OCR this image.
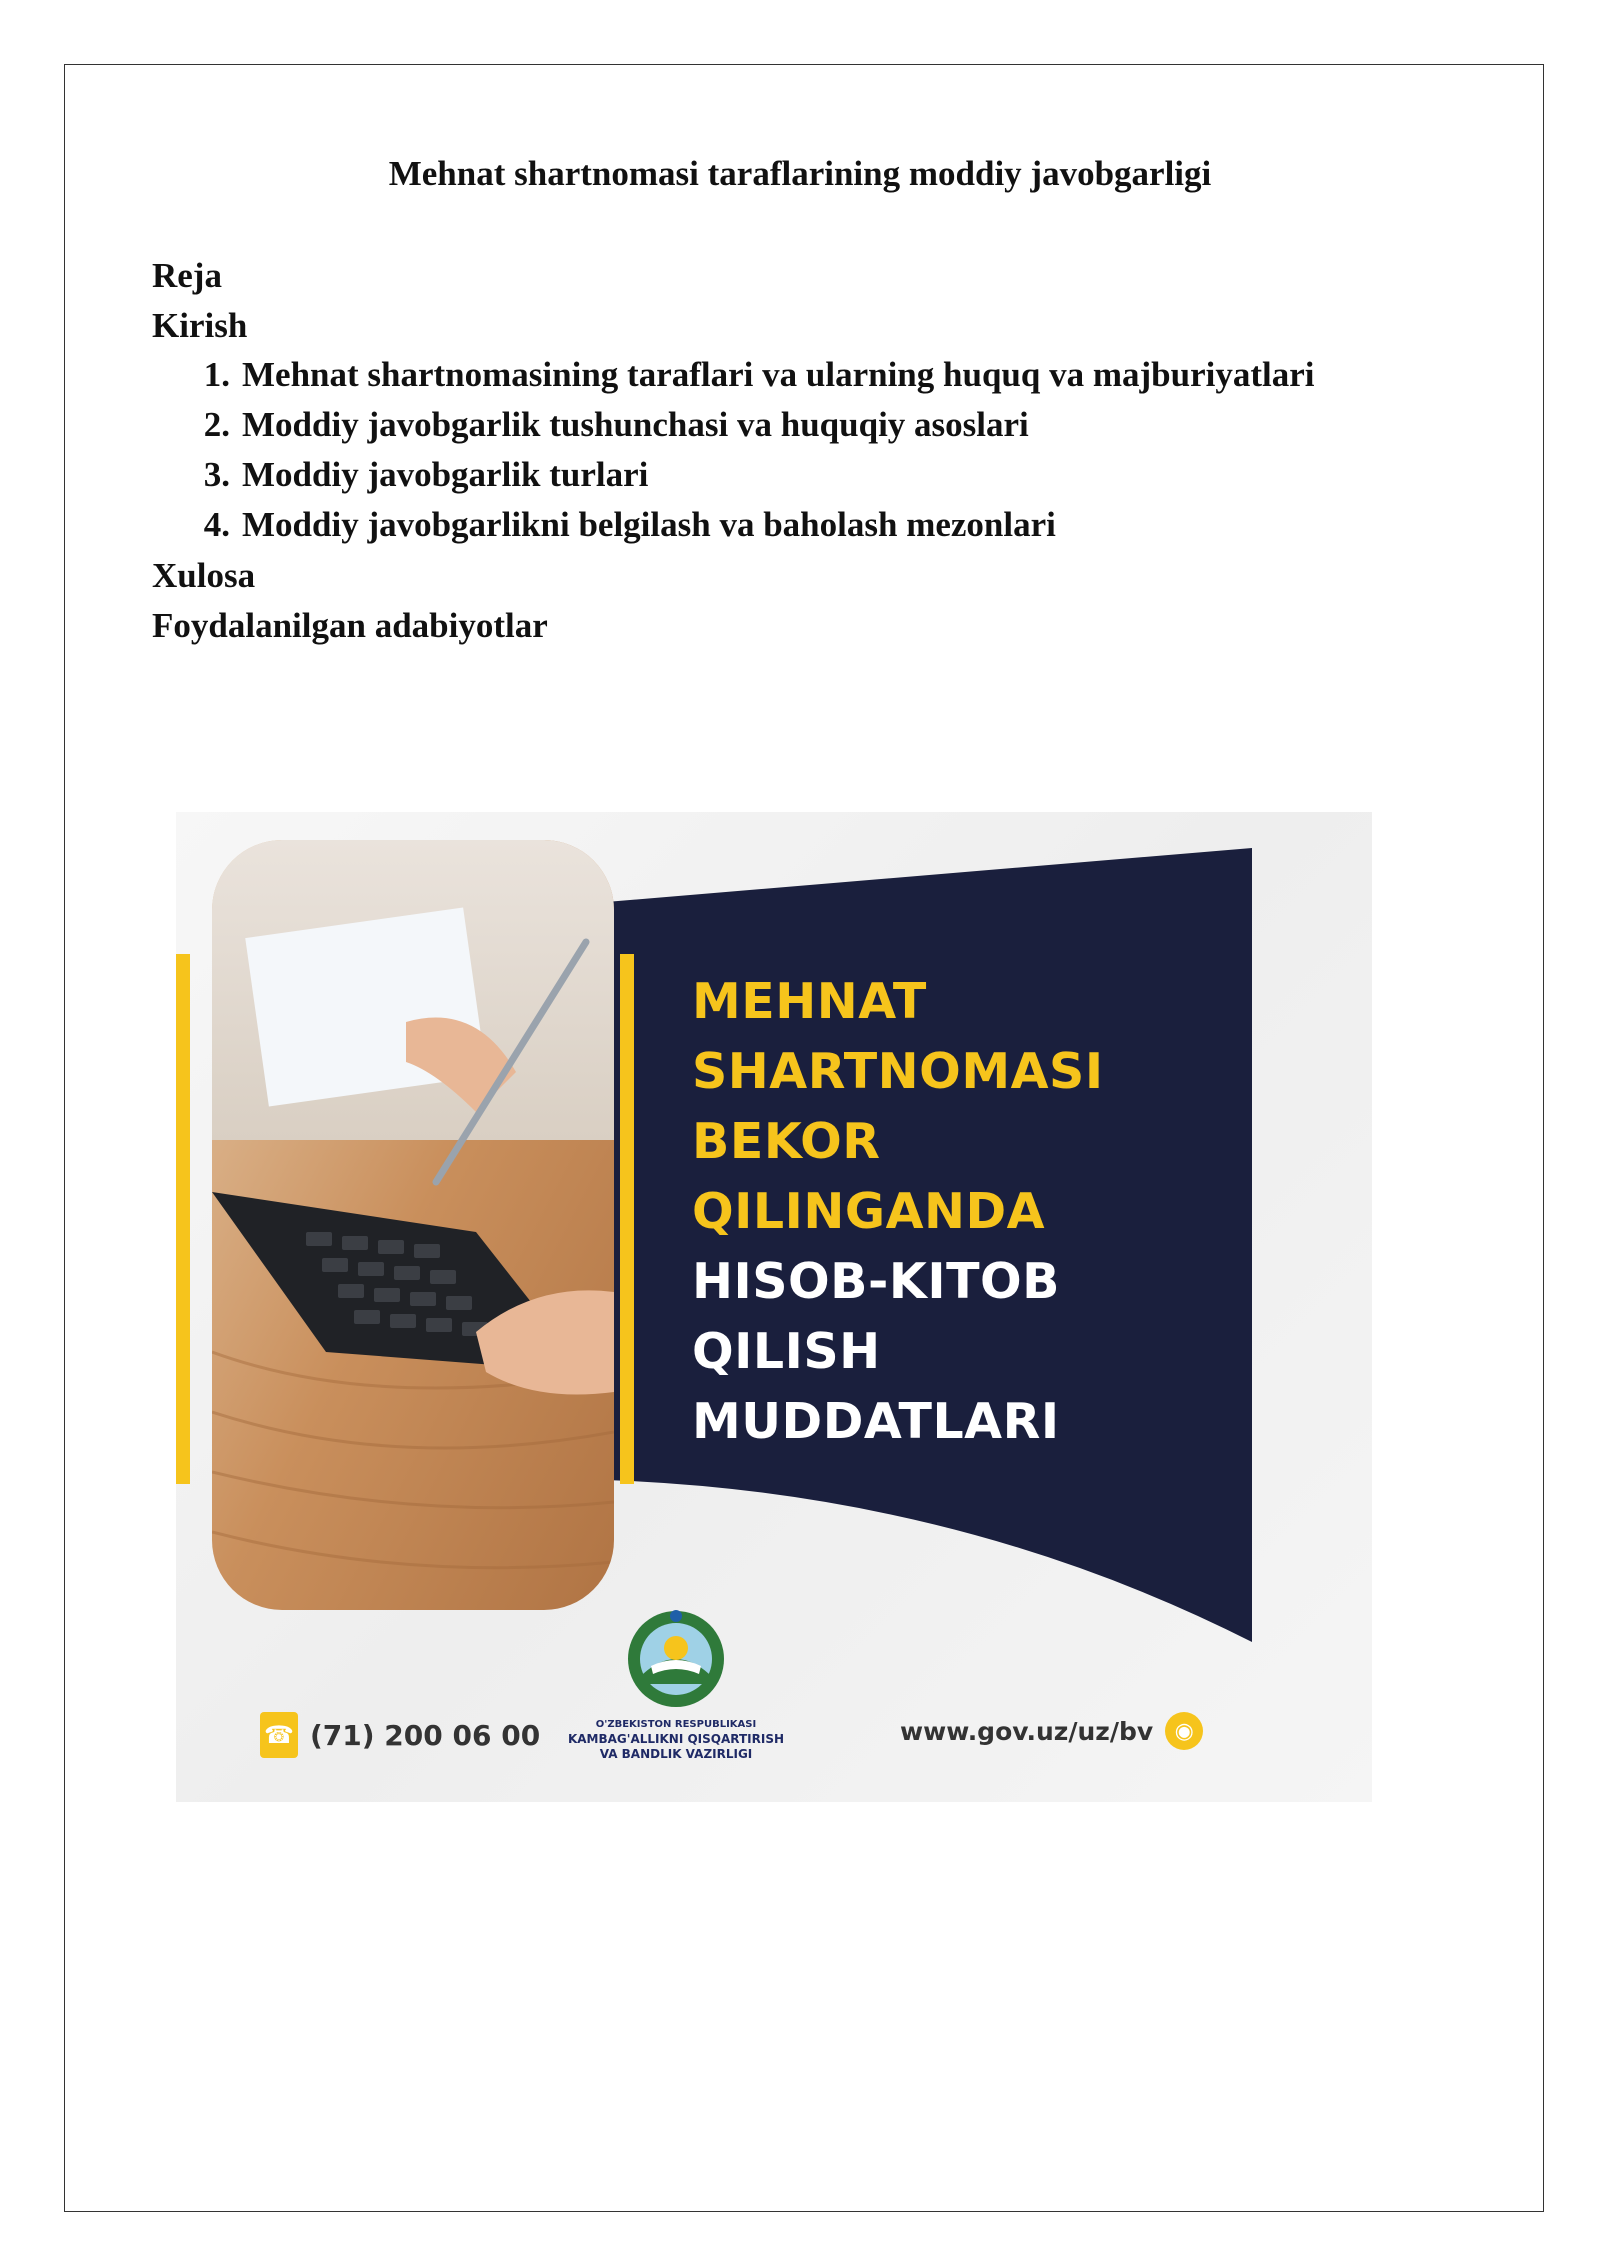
Mehnat shartnomasi taraflarining moddiy javobgarligi

Reja

Kirish

1. Mehnat shartnomasining taraflari va ularning huquq va majburiyatlari
2. Moddiy javobgarlik tushunchasi va huquqiy asoslari
3. Moddiy javobgarlik turlari
4. Moddiy javobgarlikni belgilash va baholash mezonlari

Xulosa

Foydalanilgan adabiyotlar

MEHNAT
SHARTNOMASI
BEKOR
QILINGANDA
HISOB-KITOB
QILISH
MUDDATLARI
☎ (71) 200 06 00	O'ZBEKISTON RESPUBLIKASI
KAMBAG'ALLIKNI QISQARTIRISH
VA BANDLIK VAZIRLIGI
www.gov.uz/uz/bv ◉
